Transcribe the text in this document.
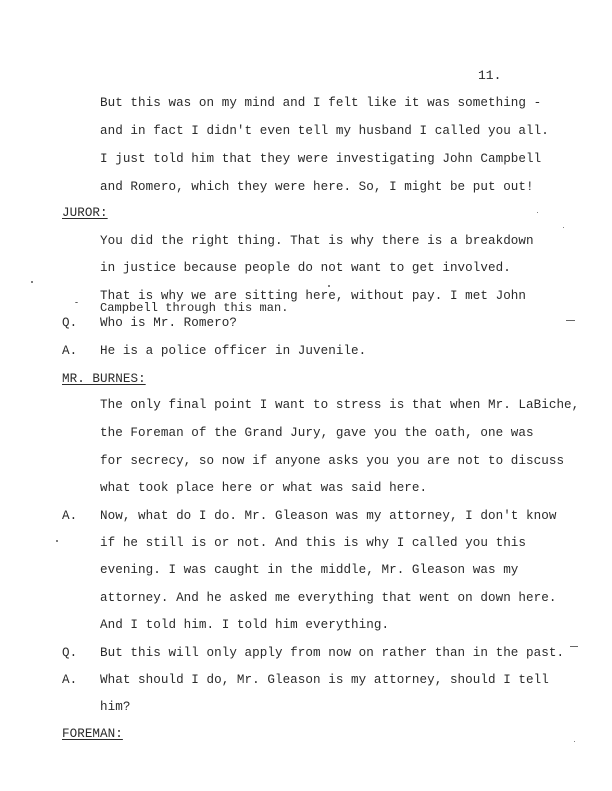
11.
But this was on my mind and I felt like it was something -
and in fact I didn't even tell my husband I called you all.
I just told him that they were investigating John Campbell
and Romero, which they were here. So, I might be put out!
JUROR:
You did the right thing. That is why there is a breakdown
in justice because people do not want to get involved.
That is why we are sitting here, without pay. I met John
Campbell through this man.
Q. Who is Mr. Romero?
A. He is a police officer in Juvenile.
MR. BURNES:
The only final point I want to stress is that when Mr. LaBiche,
the Foreman of the Grand Jury, gave you the oath, one was
for secrecy, so now if anyone asks you you are not to discuss
what took place here or what was said here.
A. Now, what do I do. Mr. Gleason was my attorney, I don't know
if he still is or not. And this is why I called you this
evening. I was caught in the middle, Mr. Gleason was my
attorney. And he asked me everything that went on down here.
And I told him. I told him everything.
Q. But this will only apply from now on rather than in the past.
A. What should I do, Mr. Gleason is my attorney, should I tell
him?
FOREMAN:
